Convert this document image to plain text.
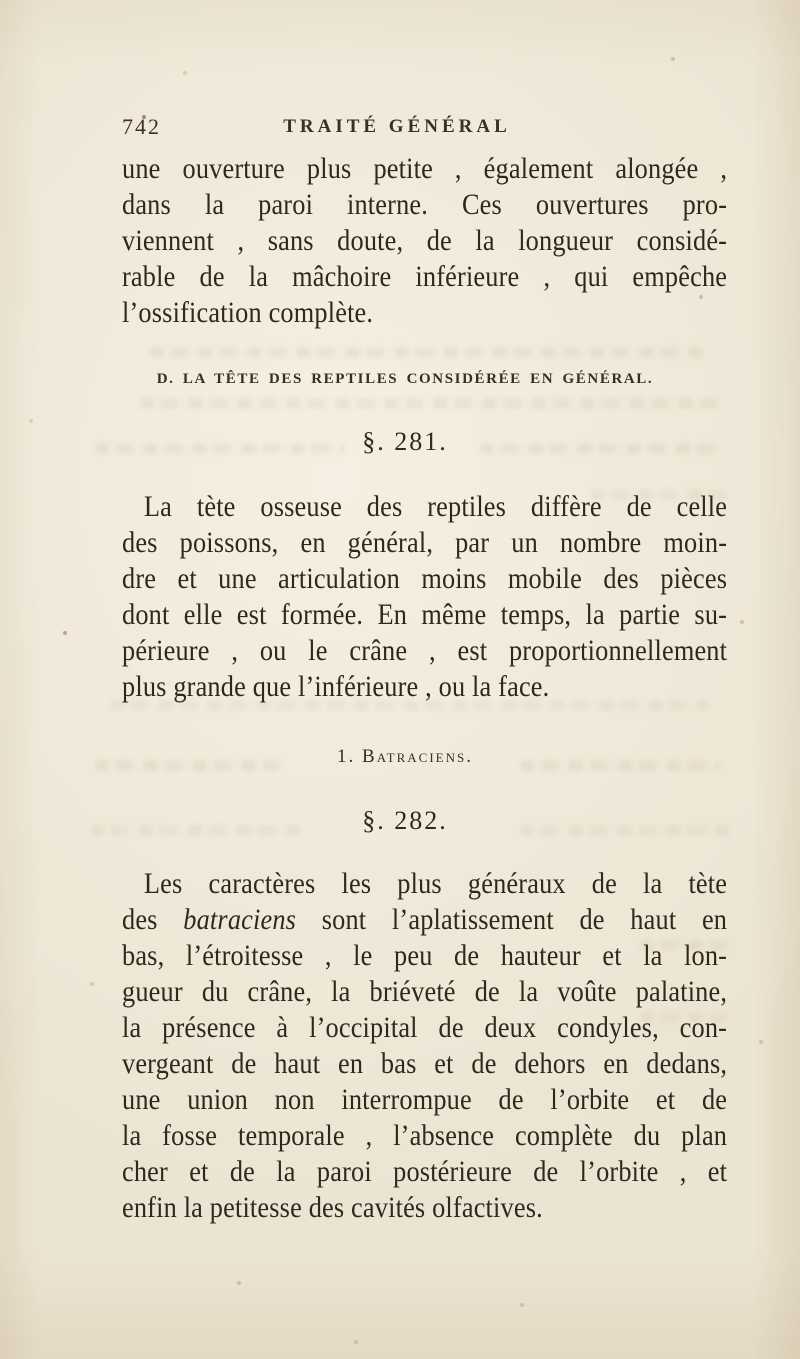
742	TRAITÉ GÉNÉRAL
une ouverture plus petite , également alongée ,
dans la paroi interne. Ces ouvertures pro-
viennent , sans doute, de la longueur considé-
rable de la mâchoire inférieure , qui empêche
l’ossification complète.
D. LA TÊTE DES REPTILES CONSIDÉRÉE EN GÉNÉRAL.
§. 281.
La tète osseuse des reptiles diffère de celle
des poissons, en général, par un nombre moin-
dre et une articulation moins mobile des pièces
dont elle est formée. En même temps, la partie su-
périeure , ou le crâne , est proportionnellement
plus grande que l’inférieure , ou la face.
1. Batraciens.
§. 282.
Les caractères les plus généraux de la tète
des batraciens sont l’aplatissement de haut en
bas, l’étroitesse , le peu de hauteur et la lon-
gueur du crâne, la briéveté de la voûte palatine,
la présence à l’occipital de deux condyles, con-
vergeant de haut en bas et de dehors en dedans,
une union non interrompue de l’orbite et de
la fosse temporale , l’absence complète du plan
cher et de la paroi postérieure de l’orbite , et
enfin la petitesse des cavités olfactives.
